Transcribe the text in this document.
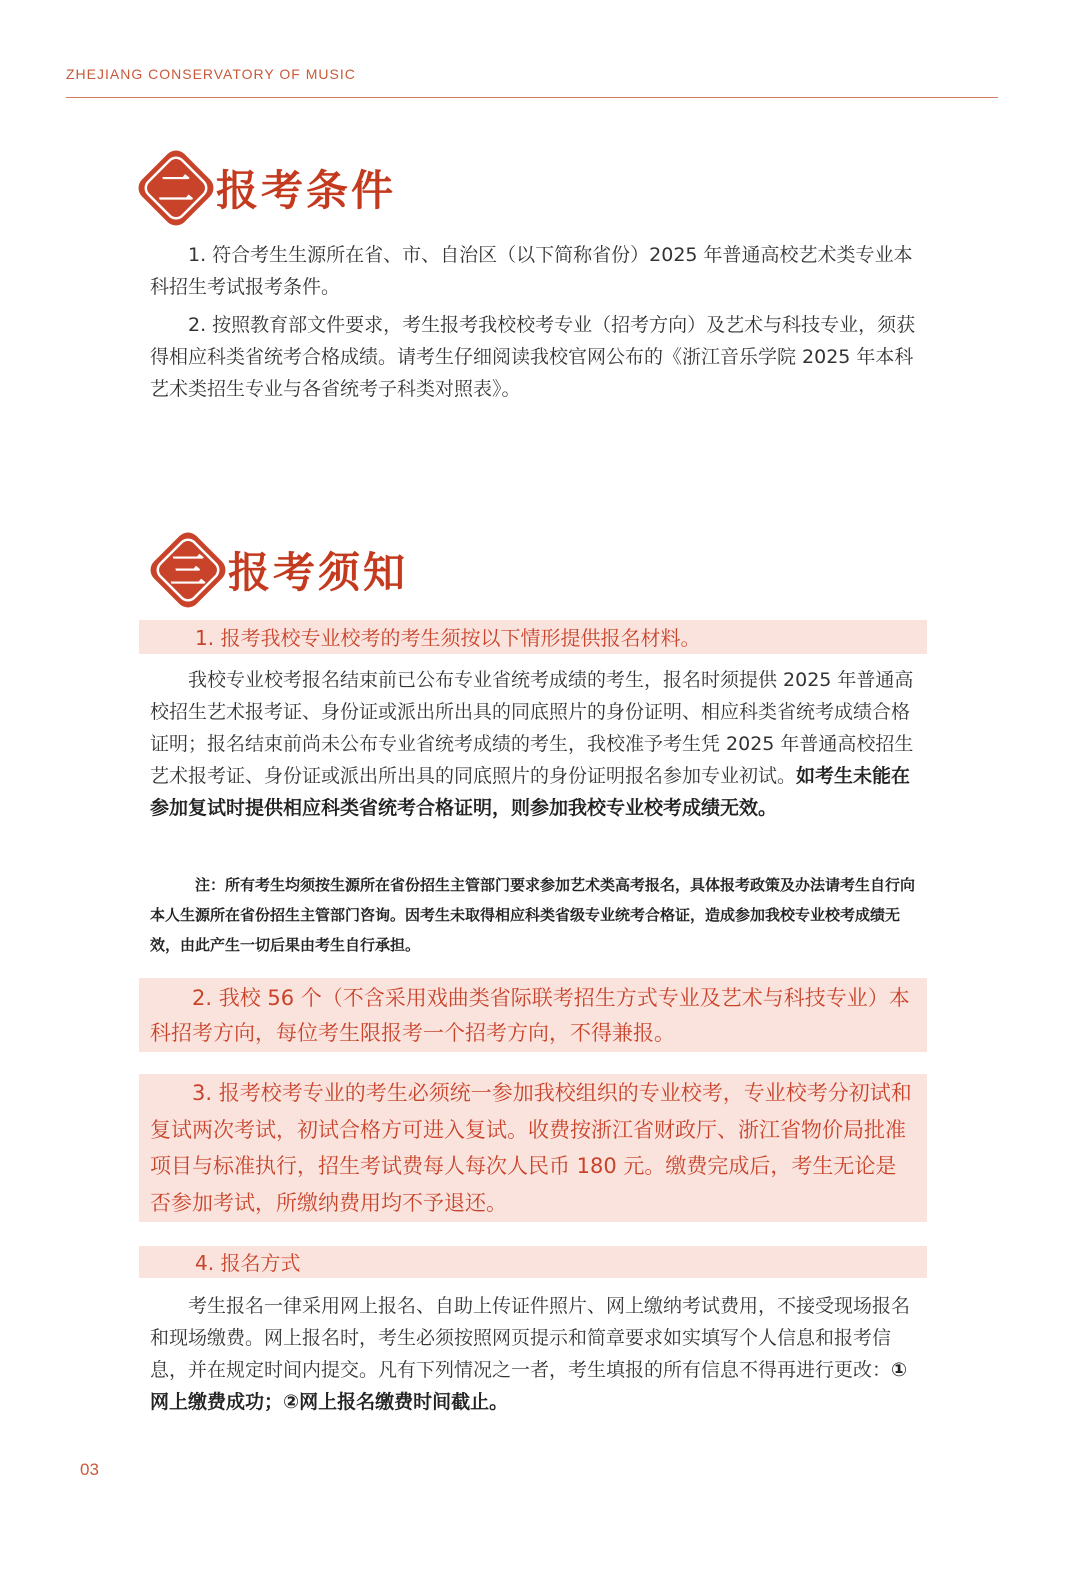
ZHEJIANG CONSERVATORY OF MUSIC
二 报考条件

1. 符合考生生源所在省、市、自治区（以下简称省份）2025 年普通高校艺术类专业本科招生考试报考条件。

2. 按照教育部文件要求，考生报考我校校考专业（招考方向）及艺术与科技专业，须获得相应科类省统考合格成绩。请考生仔细阅读我校官网公布的《浙江音乐学院 2025 年本科艺术类招生专业与各省统考子科类对照表》。

三 报考须知
1. 报考我校专业校考的考生须按以下情形提供报名材料。

我校专业校考报名结束前已公布专业省统考成绩的考生，报名时须提供 2025 年普通高校招生艺术报考证、身份证或派出所出具的同底照片的身份证明、相应科类省统考成绩合格证明；报名结束前尚未公布专业省统考成绩的考生，我校准予考生凭 2025 年普通高校招生艺术报考证、身份证或派出所出具的同底照片的身份证明报名参加专业初试。如考生未能在参加复试时提供相应科类省统考合格证明，则参加我校专业校考成绩无效。

注：所有考生均须按生源所在省份招生主管部门要求参加艺术类高考报名，具体报考政策及办法请考生自行向本人生源所在省份招生主管部门咨询。因考生未取得相应科类省级专业统考合格证，造成参加我校专业校考成绩无效，由此产生一切后果由考生自行承担。

2. 我校 56 个（不含采用戏曲类省际联考招生方式专业及艺术与科技专业）本科招考方向，每位考生限报考一个招考方向，不得兼报。
3. 报考校考专业的考生必须统一参加我校组织的专业校考，专业校考分初试和复试两次考试，初试合格方可进入复试。收费按浙江省财政厅、浙江省物价局批准项目与标准执行，招生考试费每人每次人民币 180 元。缴费完成后，考生无论是否参加考试，所缴纳费用均不予退还。
4. 报名方式

考生报名一律采用网上报名、自助上传证件照片、网上缴纳考试费用，不接受现场报名和现场缴费。网上报名时，考生必须按照网页提示和简章要求如实填写个人信息和报考信息，并在规定时间内提交。凡有下列情况之一者，考生填报的所有信息不得再进行更改：①网上缴费成功；②网上报名缴费时间截止。

03
